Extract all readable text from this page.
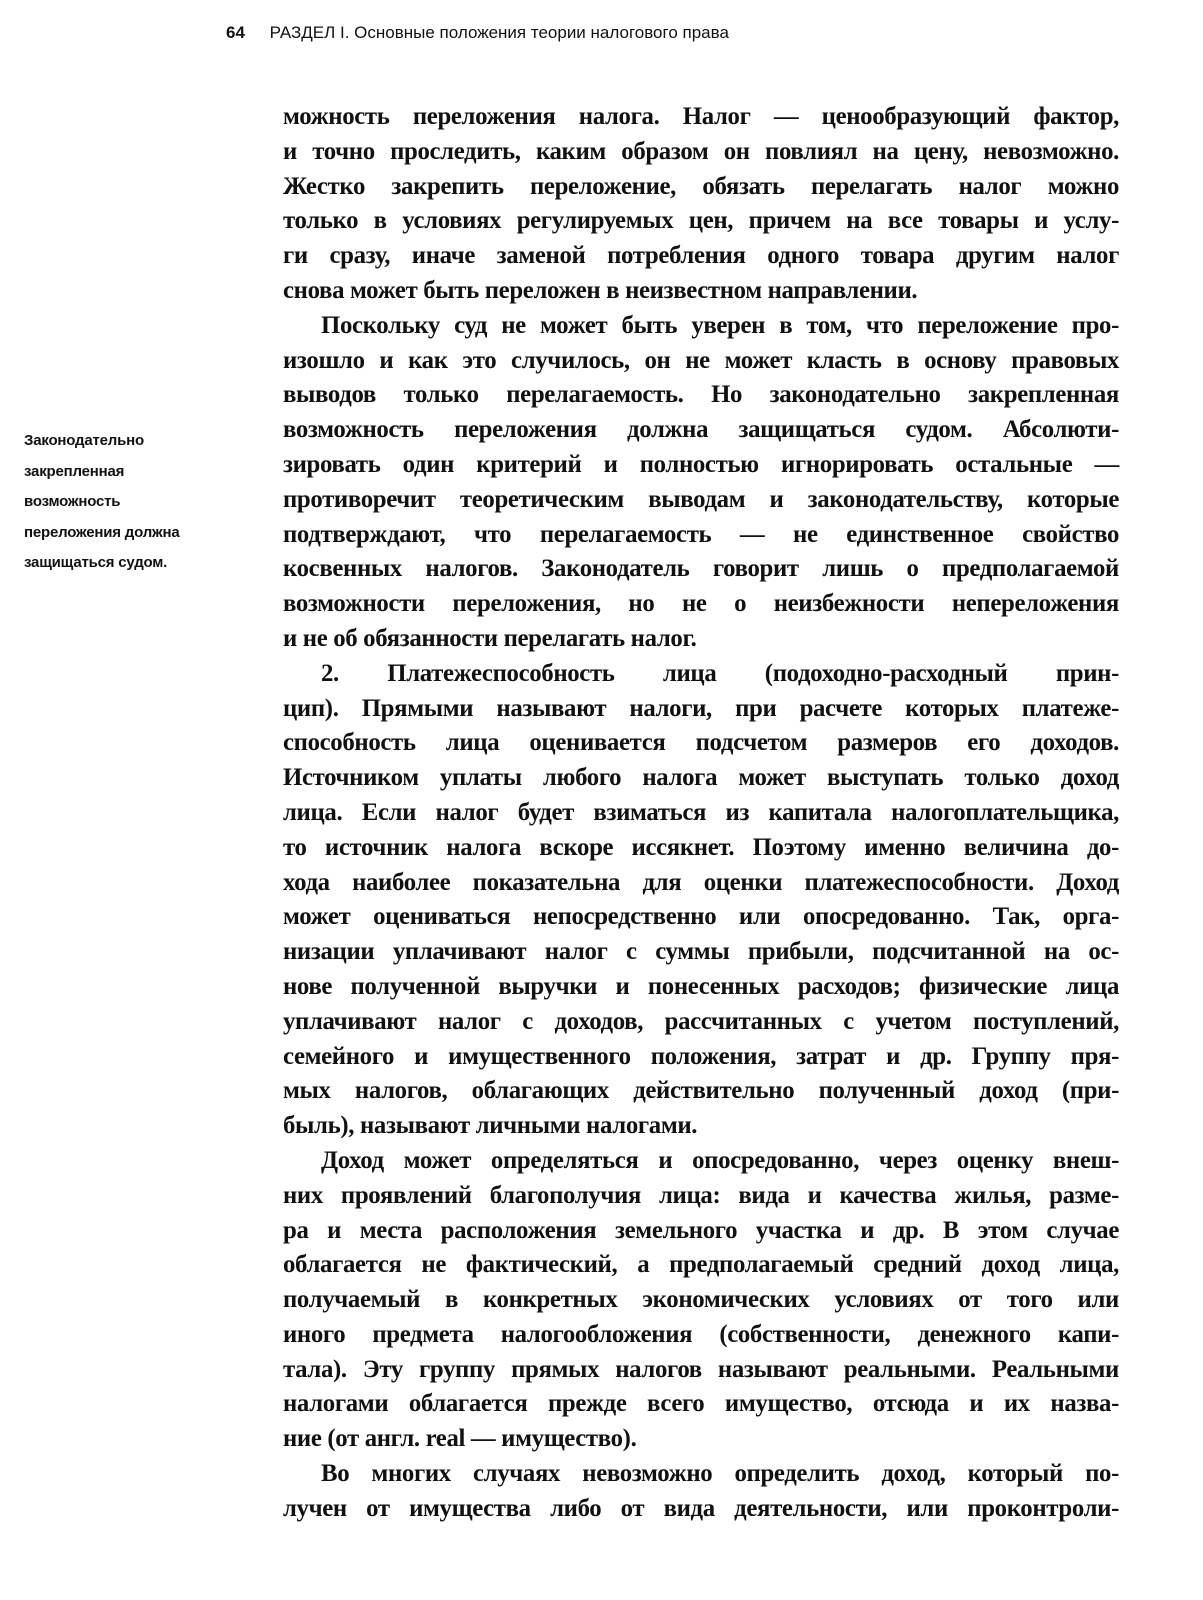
64 РАЗДЕЛ I. Основные положения теории налогового права
Законодательно
закрепленная
возможность
переложения должна
защищаться судом.
можность переложения налога. Налог — ценообразующий фактор,
и точно проследить, каким образом он повлиял на цену, невозможно.
Жестко закрепить переложение, обязать перелагать налог можно
только в условиях регулируемых цен, причем на все товары и услу-
ги сразу, иначе заменой потребления одного товара другим налог
снова может быть переложен в неизвестном направлении.
Поскольку суд не может быть уверен в том, что переложение про-
изошло и как это случилось, он не может класть в основу правовых
выводов только перелагаемость. Но законодательно закрепленная
возможность переложения должна защищаться судом. Абсолюти-
зировать один критерий и полностью игнорировать остальные —
противоречит теоретическим выводам и законодательству, которые
подтверждают, что перелагаемость — не единственное свойство
косвенных налогов. Законодатель говорит лишь о предполагаемой
возможности переложения, но не о неизбежности непереложения
и не об обязанности перелагать налог.
2. Платежеспособность лица (подоходно-расходный прин-
цип). Прямыми называют налоги, при расчете которых платеже-
способность лица оценивается подсчетом размеров его доходов.
Источником уплаты любого налога может выступать только доход
лица. Если налог будет взиматься из капитала налогоплательщика,
то источник налога вскоре иссякнет. Поэтому именно величина до-
хода наиболее показательна для оценки платежеспособности. Доход
может оцениваться непосредственно или опосредованно. Так, орга-
низации уплачивают налог с суммы прибыли, подсчитанной на ос-
нове полученной выручки и понесенных расходов; физические лица
уплачивают налог с доходов, рассчитанных с учетом поступлений,
семейного и имущественного положения, затрат и др. Группу пря-
мых налогов, облагающих действительно полученный доход (при-
быль), называют личными налогами.
Доход может определяться и опосредованно, через оценку внеш-
них проявлений благополучия лица: вида и качества жилья, разме-
ра и места расположения земельного участка и др. В этом случае
облагается не фактический, а предполагаемый средний доход лица,
получаемый в конкретных экономических условиях от того или
иного предмета налогообложения (собственности, денежного капи-
тала). Эту группу прямых налогов называют реальными. Реальными
налогами облагается прежде всего имущество, отсюда и их назва-
ние (от англ. real — имущество).
Во многих случаях невозможно определить доход, который по-
лучен от имущества либо от вида деятельности, или проконтроли-
